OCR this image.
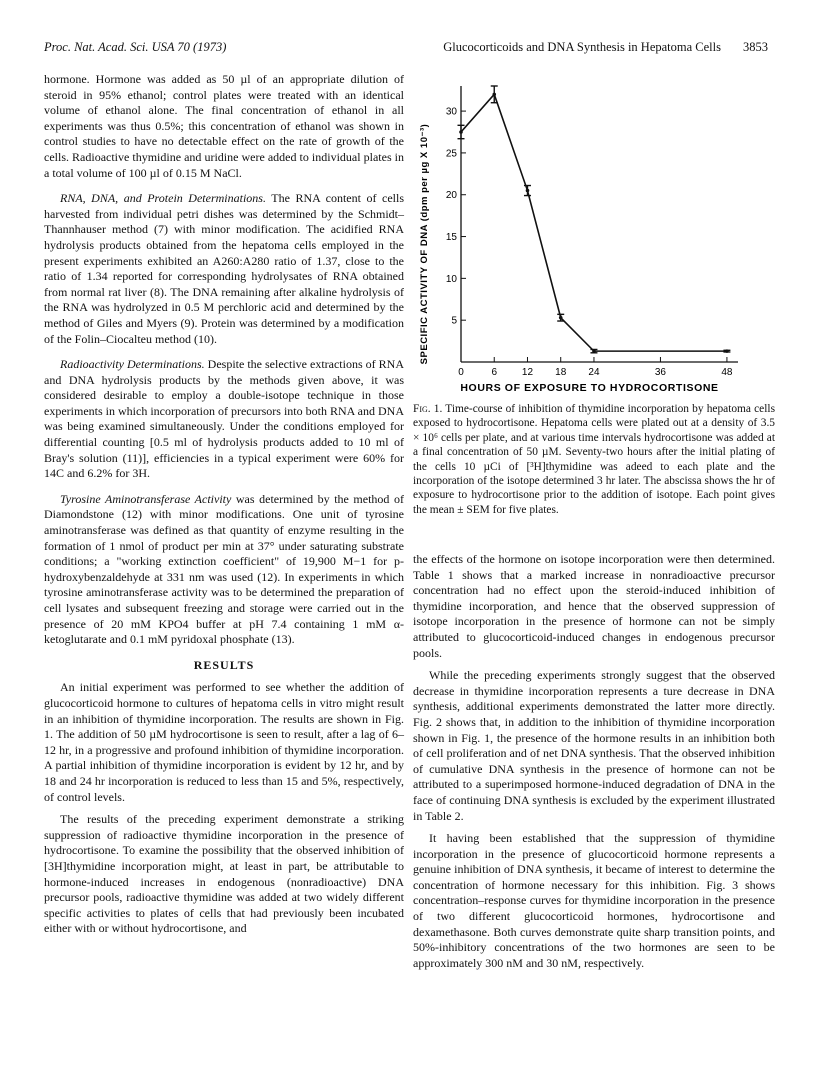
Proc. Nat. Acad. Sci. USA 70 (1973)	Glucocorticoids and DNA Synthesis in Hepatoma Cells 3853

hormone. Hormone was added as 50 µl of an appropriate dilution of steroid in 95% ethanol; control plates were treated with an identical volume of ethanol alone. The final concentration of ethanol in all experiments was thus 0.5%; this concentration of ethanol was shown in control studies to have no detectable effect on the rate of growth of the cells. Radioactive thymidine and uridine were added to individual plates in a total volume of 100 µl of 0.15 M NaCl.

RNA, DNA, and Protein Determinations. The RNA content of cells harvested from individual petri dishes was determined by the Schmidt–Thannhauser method (7) with minor modification. The acidified RNA hydrolysis products obtained from the hepatoma cells employed in the present experiments exhibited an A260:A280 ratio of 1.37, close to the ratio of 1.34 reported for corresponding hydrolysates of RNA obtained from normal rat liver (8). The DNA remaining after alkaline hydrolysis of the RNA was hydrolyzed in 0.5 M perchloric acid and determined by the method of Giles and Myers (9). Protein was determined by a modification of the Folin–Ciocalteu method (10).

Radioactivity Determinations. Despite the selective extractions of RNA and DNA hydrolysis products by the methods given above, it was considered desirable to employ a double-isotope technique in those experiments in which incorporation of precursors into both RNA and DNA was being examined simultaneously. Under the conditions employed for differential counting [0.5 ml of hydrolysis products added to 10 ml of Bray's solution (11)], efficiencies in a typical experiment were 60% for 14C and 6.2% for 3H.

Tyrosine Aminotransferase Activity was determined by the method of Diamondstone (12) with minor modifications. One unit of tyrosine aminotransferase was defined as that quantity of enzyme resulting in the formation of 1 nmol of product per min at 37° under saturating substrate conditions; a "working extinction coefficient" of 19,900 M−1 for p-hydroxybenzaldehyde at 331 nm was used (12). In experiments in which tyrosine aminotransferase activity was to be determined the preparation of cell lysates and subsequent freezing and storage were carried out in the presence of 20 mM KPO4 buffer at pH 7.4 containing 1 mM α-ketoglutarate and 0.1 mM pyridoxal phosphate (13).

RESULTS

An initial experiment was performed to see whether the addition of glucocorticoid hormone to cultures of hepatoma cells in vitro might result in an inhibition of thymidine incorporation. The results are shown in Fig. 1. The addition of 50 µM hydrocortisone is seen to result, after a lag of 6–12 hr, in a progressive and profound inhibition of thymidine incorporation. A partial inhibition of thymidine incorporation is evident by 12 hr, and by 18 and 24 hr incorporation is reduced to less than 15 and 5%, respectively, of control levels.

The results of the preceding experiment demonstrate a striking suppression of radioactive thymidine incorporation in the presence of hydrocortisone. To examine the possibility that the observed inhibition of [3H]thymidine incorporation might, at least in part, be attributable to hormone-induced increases in endogenous (nonradioactive) DNA precursor pools, radioactive thymidine was added at two widely different specific activities to plates of cells that had previously been incubated either with or without hydrocortisone, and

0	6 12 18 24	36	48
5
10
15
20
25
30
HOURS OF EXPOSURE TO HYDROCORTISONE
SPECIFIC ACTIVITY OF DNA (dpm per µg X 10⁻³)
Fig. 1. Time-course of inhibition of thymidine incorporation by hepatoma cells exposed to hydrocortisone. Hepatoma cells were plated out at a density of 3.5 × 10⁶ cells per plate, and at various time intervals hydrocortisone was added at a final concentration of 50 µM. Seventy-two hours after the initial plating of the cells 10 µCi of [³H]thymidine was adeed to each plate and the incorporation of the isotope determined 3 hr later. The abscissa shows the hr of exposure to hydrocortisone prior to the addition of isotope. Each point gives the mean ± SEM for five plates.

the effects of the hormone on isotope incorporation were then determined. Table 1 shows that a marked increase in nonradioactive precursor concentration had no effect upon the steroid-induced inhibition of thymidine incorporation, and hence that the observed suppression of isotope incorporation in the presence of hormone can not be simply attributed to glucocorticoid-induced changes in endogenous precursor pools.

While the preceding experiments strongly suggest that the observed decrease in thymidine incorporation represents a ture decrease in DNA synthesis, additional experiments demonstrated the latter more directly. Fig. 2 shows that, in addition to the inhibition of thymidine incorporation shown in Fig. 1, the presence of the hormone results in an inhibition both of cell proliferation and of net DNA synthesis. That the observed inhibition of cumulative DNA synthesis in the presence of hormone can not be attributed to a superimposed hormone-induced degradation of DNA in the face of continuing DNA synthesis is excluded by the experiment illustrated in Table 2.

It having been established that the suppression of thymidine incorporation in the presence of glucocorticoid hormone represents a genuine inhibition of DNA synthesis, it became of interest to determine the concentration of hormone necessary for this inhibition. Fig. 3 shows concentration–response curves for thymidine incorporation in the presence of two different glucocorticoid hormones, hydrocortisone and dexamethasone. Both curves demonstrate quite sharp transition points, and 50%-inhibitory concentrations of the two hormones are seen to be approximately 300 nM and 30 nM, respectively.
